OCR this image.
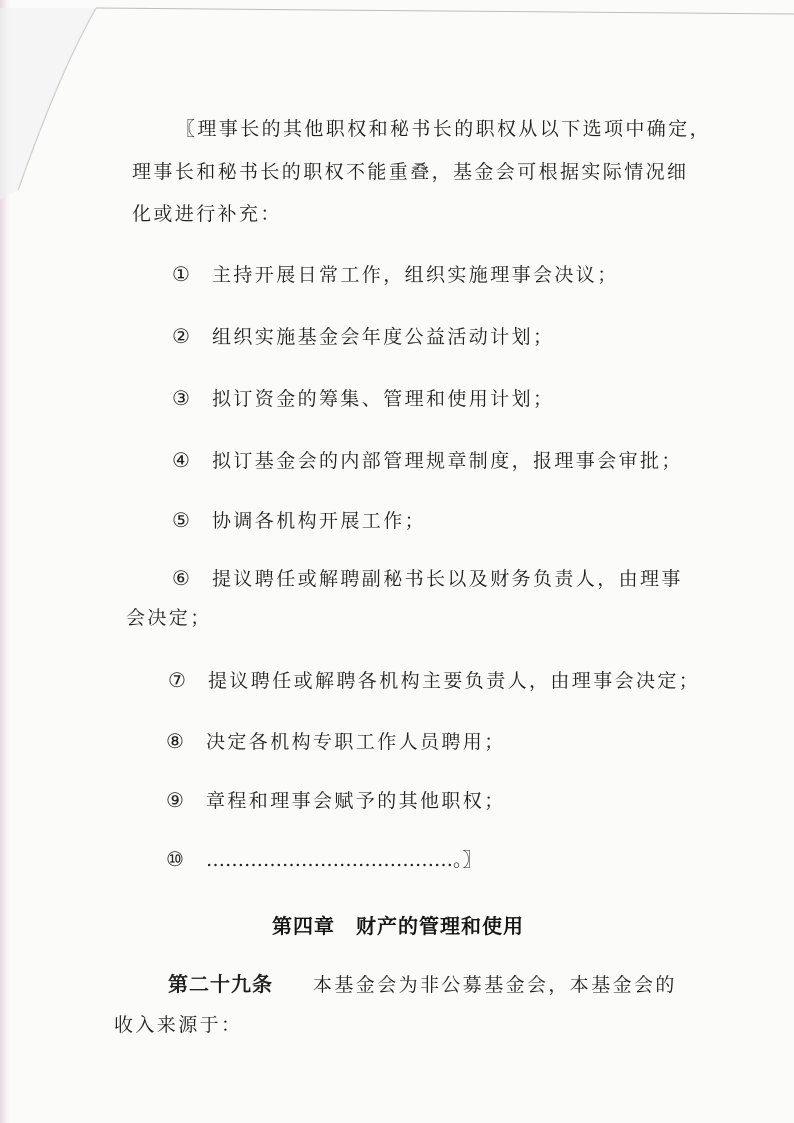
〖理事长的其他职权和秘书长的职权从以下选项中确定，
理事长和秘书长的职权不能重叠，基金会可根据实际情况细
化或进行补充：
① 主持开展日常工作，组织实施理事会决议；
② 组织实施基金会年度公益活动计划；
③ 拟订资金的筹集、管理和使用计划；
④ 拟订基金会的内部管理规章制度，报理事会审批；
⑤ 协调各机构开展工作；
⑥ 提议聘任或解聘副秘书长以及财务负责人，由理事
会决定；
⑦ 提议聘任或解聘各机构主要负责人，由理事会决定；
⑧ 决定各机构专职工作人员聘用；
⑨ 章程和理事会赋予的其他职权；
⑩ …………………………………。〗
第四章　财产的管理和使用
第二十九条 本基金会为非公募基金会，本基金会的
收入来源于：
